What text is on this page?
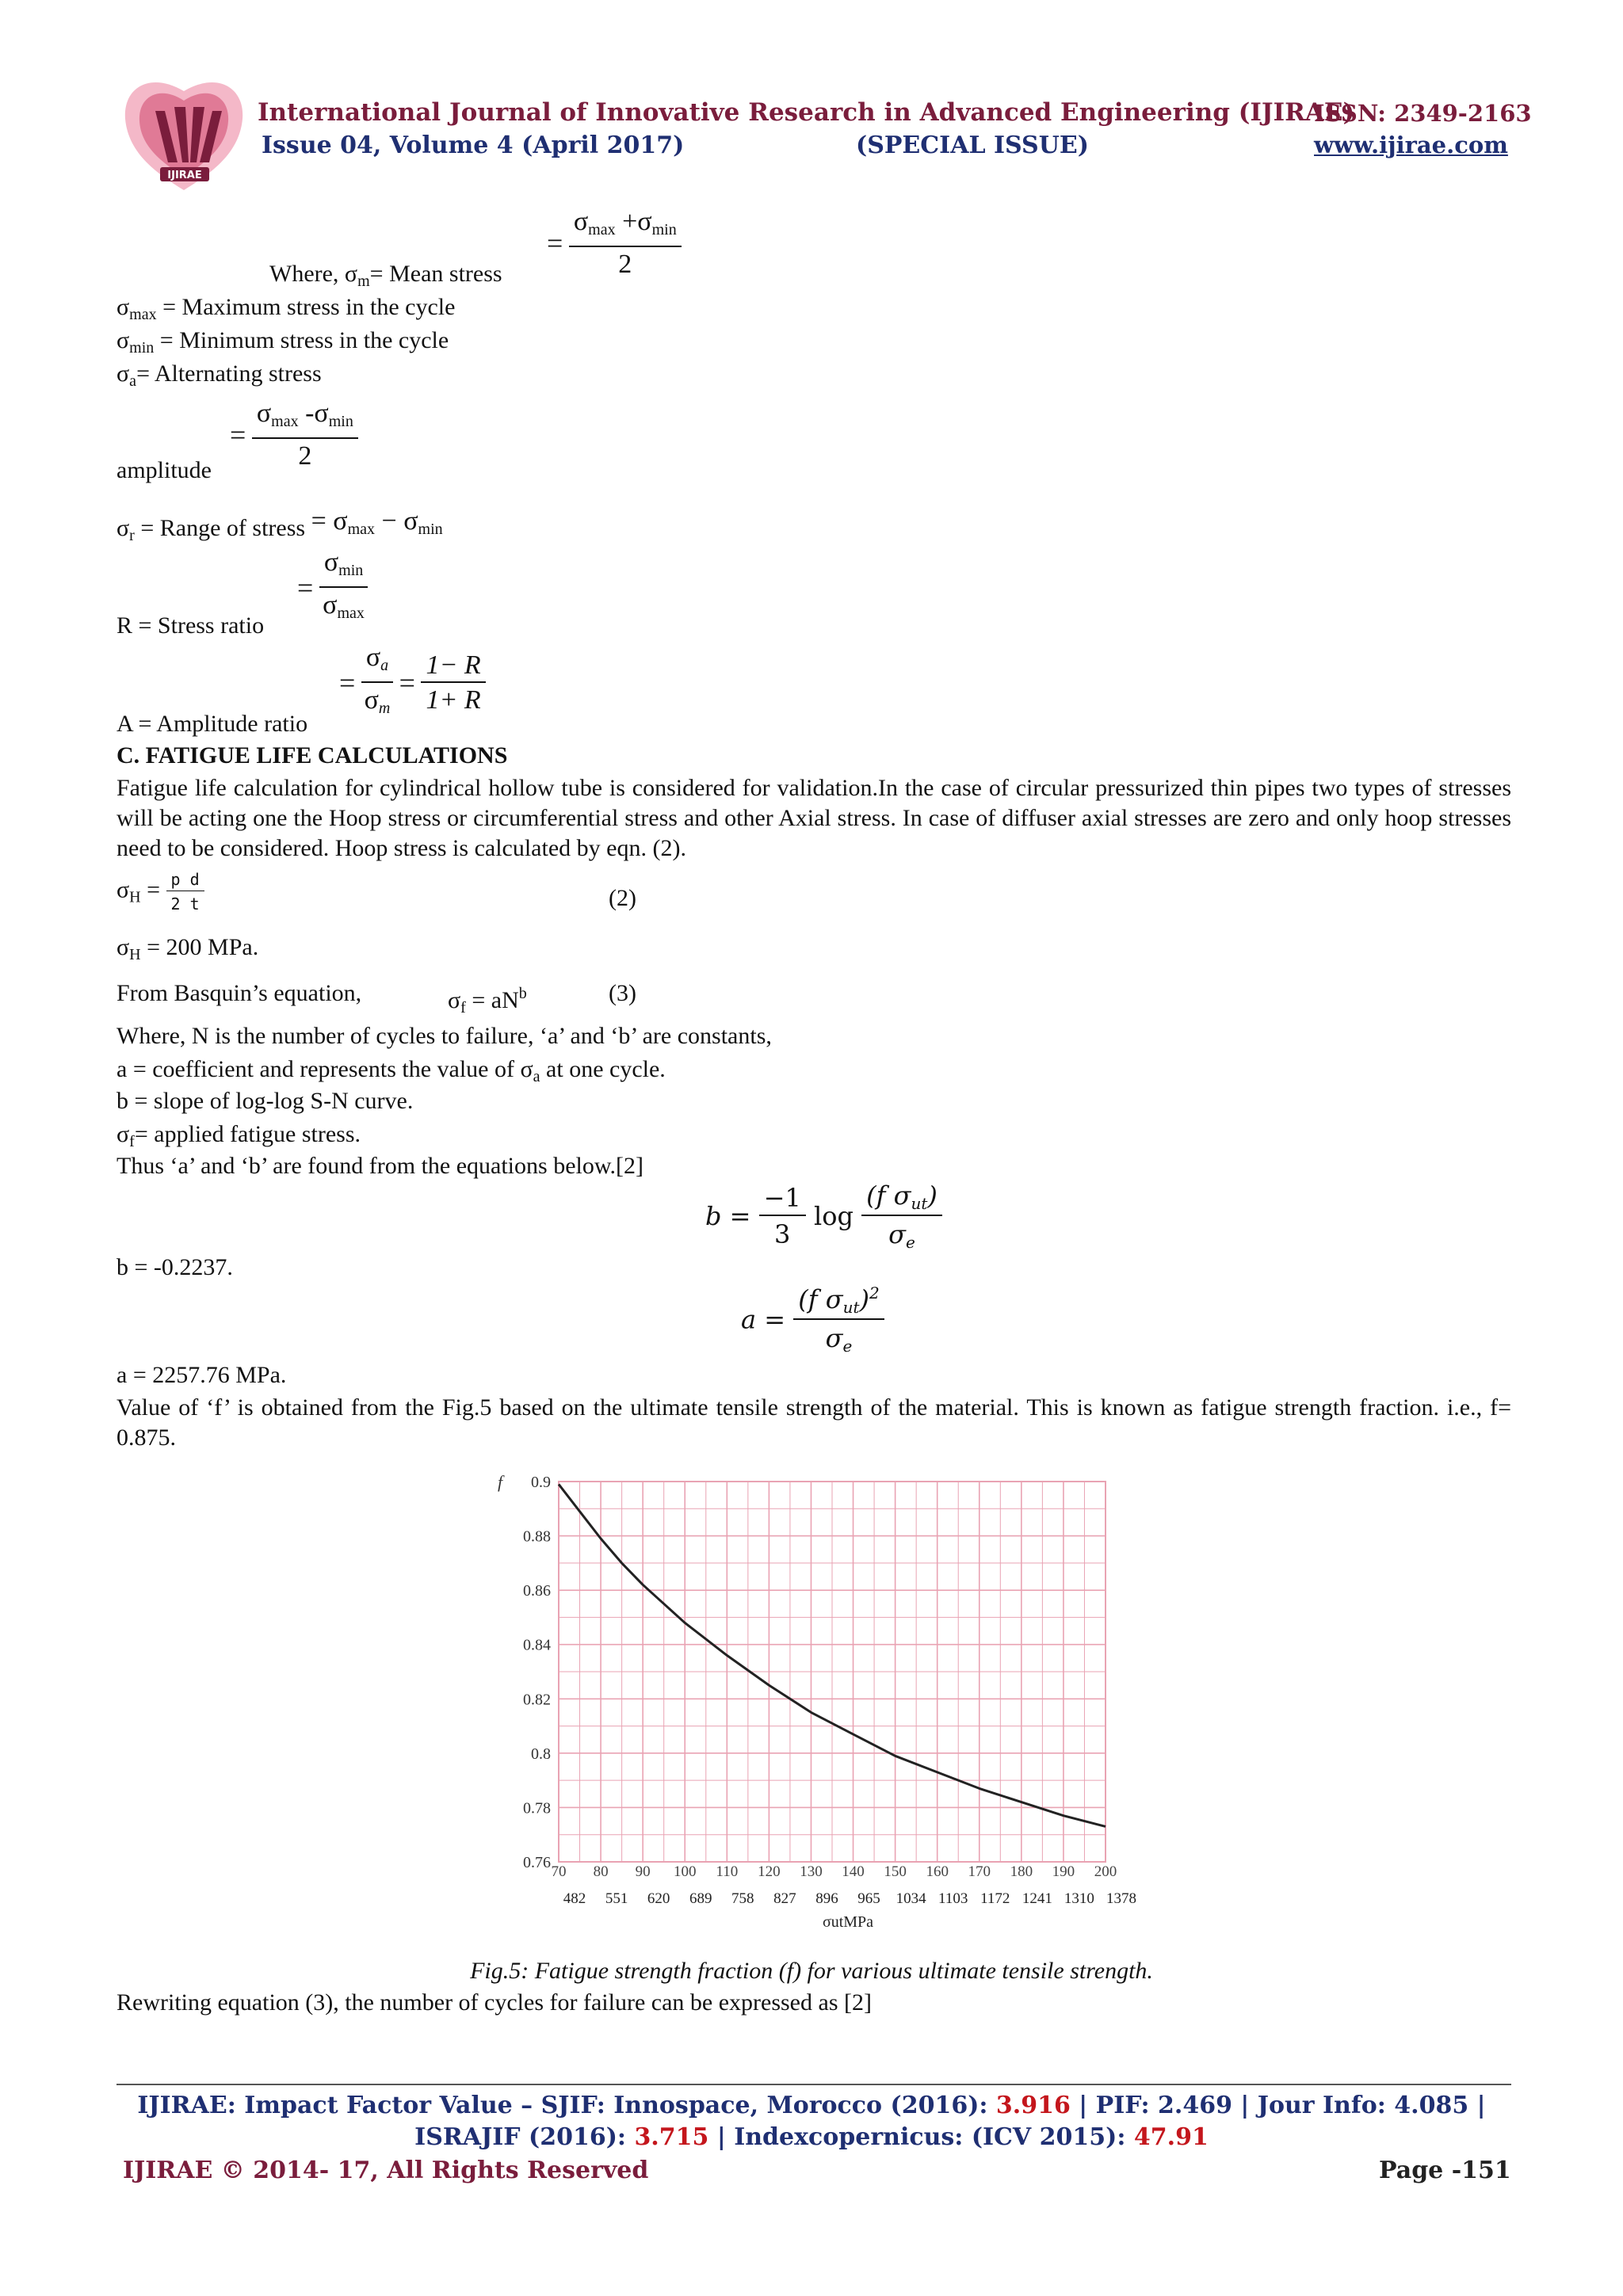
IJIRAE
International Journal of Innovative Research in Advanced Engineering (IJIRAE)
ISSN: 2349-2163
Issue 04, Volume 4 (April 2017)	(SPECIAL ISSUE)	www.ijirae.com
= $\frac{\sigma_{max} +\sigma_{min}}{2}$
Where, $\sigma_m=$ Mean stress
$\sigma_{max}$ = Maximum stress in the cycle
$\sigma_{min}$ = Minimum stress in the cycle
$\sigma_a=$ Alternating stress
= $\frac{\sigma_{max} -\sigma_{min}}{2}$
amplitude
$\sigma_r$ = Range of stress = $\sigma_{max} - \sigma_{min}$
= $\frac{\sigma_{min}}{\sigma_{max}}$
R = Stress ratio
= $\frac{\sigma_a}{\sigma_m} = \frac{1- R}{1+ R}$
A = Amplitude ratio
C. FATIGUE LIFE CALCULATIONS
Fatigue life calculation for cylindrical hollow tube is considered for validation.In the case of circular pressurized thin pipes two types of stresses will be acting one the Hoop stress or circumferential stress and other Axial stress. In case of diffuser axial stresses are zero and only hoop stresses need to be considered. Hoop stress is calculated by eqn. (2).
$\sigma_H = \frac{\text{p d}}{2 t}$	(2)
$\sigma_H = 200$ MPa.
From Basquin’s equation,	$\sigma_f = aN^b$	(3)
Where, N is the number of cycles to failure, ‘a’ and ‘b’ are constants,
a = coefficient and represents the value of $\sigma_a$ at one cycle.
b = slope of log-log S-N curve.
$\sigma_f=$ applied fatigue stress.
Thus ‘a’ and ‘b’ are found from the equations below.[2]
$b = \frac{-1}{3}$ $\log \frac{(f \sigma_{ut})}{\sigma_e}$
b = -0.2237.
$a = \frac{(f \sigma_{ut})^2}{\sigma_e}$
a = 2257.76 MPa.
Value of ‘f’ is obtained from the Fig.5 based on the ultimate tensile strength of the material. This is known as fatigue strength fraction. i.e., f= 0.875.
0.9
0.88
0.86
0.84
0.82
0.8
0.78
0.76
f
70 80 90 100 110 120 130 140 150 160 170 180 190 200
482 551 620 689 758 827 896 965 1034 1103 1172 1241 1310 1378
σutMPa
Fig.5: Fatigue strength fraction (f) for various ultimate tensile strength.
Rewriting equation (3), the number of cycles for failure can be expressed as [2]
IJIRAE: Impact Factor Value – SJIF: Innospace, Morocco (2016): 3.916 | PIF: 2.469 | Jour Info: 4.085 |
ISRAJIF (2016): 3.715 | Indexcopernicus: (ICV 2015): 47.91
IJIRAE © 2014- 17, All Rights Reserved	Page -151
